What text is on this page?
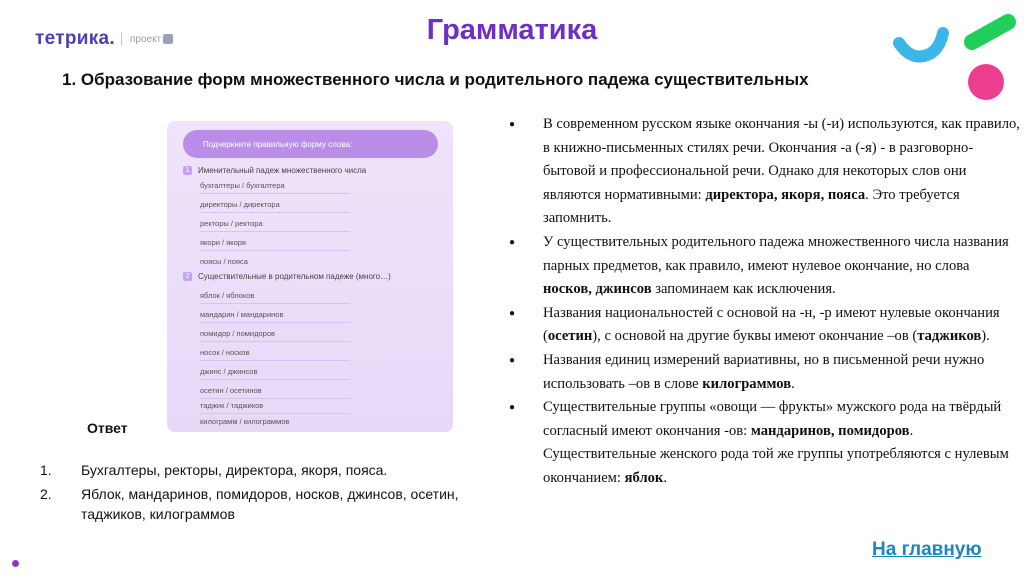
тетрика. проект	Грамматика
1. Образование форм множественного числа и родительного падежа существительных
Подчеркните правильную форму слова:
1	Именительный падеж множественного числа
бухгалтеры / бухгалтера
директоры / директора
ректоры / ректора
якори / якоря
поясы / пояса
2	Существительные в родительном падеже (много…)
яблок / яблоков
мандарин / мандаринов
помидор / помидоров
носок / носков
джинс / джинсов
осетин / осетинов
таджик / таджиков
килограмм / килограммов
Ответ
1. Бухгалтеры, ректоры, директора, якоря, пояса.
2. Яблок, мандаринов, помидоров, носков, джинсов, осетин, таджиков, килограммов
● В современном русском языке окончания -ы (-и) используются, как правило, в книжно-письменных стилях речи. Окончания -а (-я) - в разговорно-бытовой и профессиональной речи. Однако для некоторых слов они являются нормативными: директора, якоря, пояса. Это требуется запомнить.
● У существительных родительного падежа множественного числа названия парных предметов, как правило, имеют нулевое окончание, но слова носков, джинсов запоминаем как исключения.
● Названия национальностей с основой на -н, -р имеют нулевые окончания (осетин), с основой на другие буквы имеют окончание –ов (таджиков).
● Названия единиц измерений вариативны, но в письменной речи нужно использовать –ов в слове килограммов.
● Существительные группы «овощи — фрукты» мужского рода на твёрдый согласный имеют окончания -ов: мандаринов, помидоров. Существительные женского рода той же группы употребляются с нулевым окончанием: яблок.
На главную
